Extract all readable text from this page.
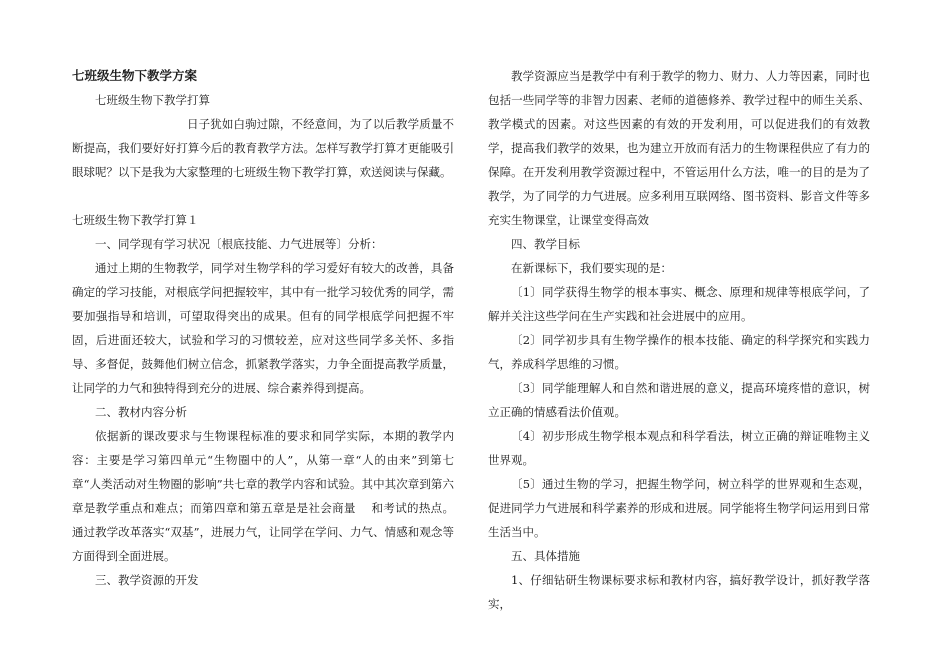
七班级生物下教学方案

七班级生物下教学打算

日子犹如白驹过隙，不经意间，为了以后教学质量不断提高，我们要好好打算今后的教育教学方法。怎样写教学打算才更能吸引眼球呢？以下是我为大家整理的七班级生物下教学打算，欢送阅读与保藏。

七班级生物下教学打算１

一、同学现有学习状况〔根底技能、力气进展等〕分析：

通过上期的生物教学，同学对生物学科的学习爱好有较大的改善，具备确定的学习技能，对根底学问把握较牢，其中有一批学习较优秀的同学，需要加强指导和培训，可望取得突出的成果。但有的同学根底学问把握不牢固，后进面还较大，试验和学习的习惯较差，应对这些同学多关怀、多指导、多督促，鼓舞他们树立信念，抓紧教学落实，力争全面提高教学质量，让同学的力气和独特得到充分的进展、综合素养得到提高。

二、教材内容分析

依据新的课改要求与生物课程标准的要求和同学实际，本期的教学内容：主要是学习第四单元“生物圈中的人”，从第一章“人的由来”到第七章“人类活动对生物圈的影响”共七章的教学内容和试验。其中其次章到第六章是教学重点和难点；而第四章和第五章是是社会商量　 和考试的热点。通过教学改革落实“双基”，进展力气，让同学在学问、力气、情感和观念等方面得到全面进展。

三、教学资源的开发

教学资源应当是教学中有利于教学的物力、财力、人力等因素，同时也包括一些同学等的非智力因素、老师的道德修养、教学过程中的师生关系、教学模式的因素。对这些因素的有效的开发利用，可以促进我们的有效教学，提高我们教学的效果，也为建立开放而有活力的生物课程供应了有力的保障。在开发利用教学资源过程中，不管运用什么方法，唯一的目的是为了教学，为了同学的力气进展。应多利用互联网络、图书资料、影音文件等多充实生物课堂，让课堂变得高效

四、教学目标

在新课标下，我们要实现的是：

〔1〕同学获得生物学的根本事实、概念、原理和规律等根底学问，了解并关注这些学问在生产实践和社会进展中的应用。

〔2〕同学初步具有生物学操作的根本技能、确定的科学探究和实践力气，养成科学思维的习惯。

〔3〕同学能理解人和自然和谐进展的意义，提高环境疼惜的意识，树立正确的情感看法价值观。

〔4〕初步形成生物学根本观点和科学看法，树立正确的辩证唯物主义世界观。

〔5〕通过生物的学习，把握生物学问，树立科学的世界观和生态观，促进同学力气进展和科学素养的形成和进展。同学能将生物学问运用到日常生活当中。

五、具体措施

1、仔细钻研生物课标要求标和教材内容，搞好教学设计，抓好教学落实，
